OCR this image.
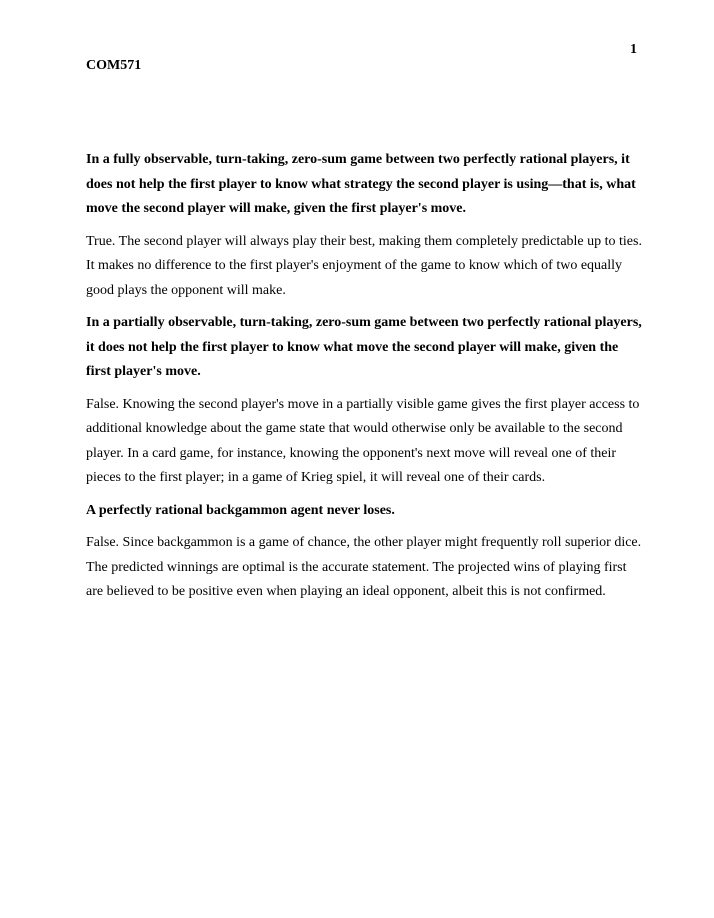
1
COM571

In a fully observable, turn-taking, zero-sum game between two perfectly rational players, it does not help the first player to know what strategy the second player is using—that is, what move the second player will make, given the first player's move.

True. The second player will always play their best, making them completely predictable up to ties. It makes no difference to the first player's enjoyment of the game to know which of two equally good plays the opponent will make.

In a partially observable, turn-taking, zero-sum game between two perfectly rational players, it does not help the first player to know what move the second player will make, given the first player's move.

False. Knowing the second player's move in a partially visible game gives the first player access to additional knowledge about the game state that would otherwise only be available to the second player. In a card game, for instance, knowing the opponent's next move will reveal one of their pieces to the first player; in a game of Krieg spiel, it will reveal one of their cards.

A perfectly rational backgammon agent never loses.

False. Since backgammon is a game of chance, the other player might frequently roll superior dice. The predicted winnings are optimal is the accurate statement. The projected wins of playing first are believed to be positive even when playing an ideal opponent, albeit this is not confirmed.
